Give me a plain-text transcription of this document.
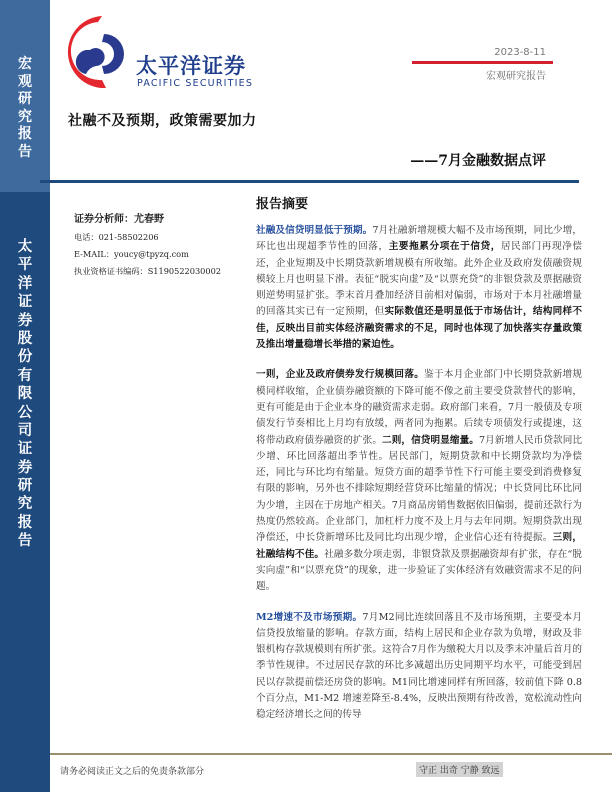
宏
观
研
究
报
告
太
平
洋
证
券
股
份
有
限
公
司
证
券
研
究
报
告
太平洋证券
PACIFIC SECURITIES
2023-8-11
宏观研究报告
社融不及预期，政策需要加力
——7月金融数据点评
证券分析师：尤春野
电话：021-58502206
E-MAIL：youcy@tpyzq.com
执业资格证书编码：S1190522030002
报告摘要

社融及信贷明显低于预期。7月社融新增规模大幅不及市场预期，同比少增，环比也出现超季节性的回落，主要拖累分项在于信贷，居民部门再现净偿还，企业短期及中长期贷款新增规模有所收缩。此外企业及政府发债融资规模较上月也明显下滑。表征“脱实向虚”及“以票充贷”的非银贷款及票据融资则逆势明显扩张。季末首月叠加经济目前相对偏弱，市场对于本月社融增量的回落其实已有一定预期，但实际数值还是明显低于市场估计，结构同样不佳，反映出目前实体经济融资需求的不足，同时也体现了加快落实存量政策及推出增量稳增长举措的紧迫性。

一则，企业及政府债券发行规模回落。鉴于本月企业部门中长期贷款新增规模同样收缩，企业债券融资额的下降可能不像之前主要受贷款替代的影响，更有可能是由于企业本身的融资需求走弱。政府部门来看，7月一般债及专项债发行节奏相比上月均有放缓，两者同为拖累。后续专项债发行或提速，这将带动政府债券融资的扩张。二则，信贷明显缩量。7月新增人民币贷款同比少增、环比回落超出季节性。居民部门，短期贷款和中长期贷款均为净偿还，同比与环比均有缩量。短贷方面的超季节性下行可能主要受到消费修复有限的影响，另外也不排除短期经营贷环比缩量的情况；中长贷同比环比同为少增，主因在于房地产相关。7月商品房销售数据依旧偏弱，提前还款行为热度仍然较高。企业部门，加杠杆力度不及上月与去年同期。短期贷款出现净偿还，中长贷新增环比及同比均出现少增，企业信心还有待提振。三则，社融结构不佳。社融多数分项走弱，非银贷款及票据融资却有扩张，存在“脱实向虚”和“以票充贷”的现象，进一步验证了实体经济有效融资需求不足的问题。

M2增速不及市场预期。7月M2同比连续回落且不及市场预期，主要受本月信贷投放缩量的影响。存款方面，结构上居民和企业存款为负增，财政及非银机构存款规模则有所扩张。这符合7月作为缴税大月以及季末冲量后首月的季节性规律。不过居民存款的环比多减超出历史同期平均水平，可能受到居民以存款提前偿还房贷的影响。M1同比增速同样有所回落，较前值下降 0.8 个百分点，M1-M2 增速差降至-8.4%，反映出预期有待改善，宽松流动性向稳定经济增长之间的传导

请务必阅读正文之后的免责条款部分	守正 出奇 宁静 致远
